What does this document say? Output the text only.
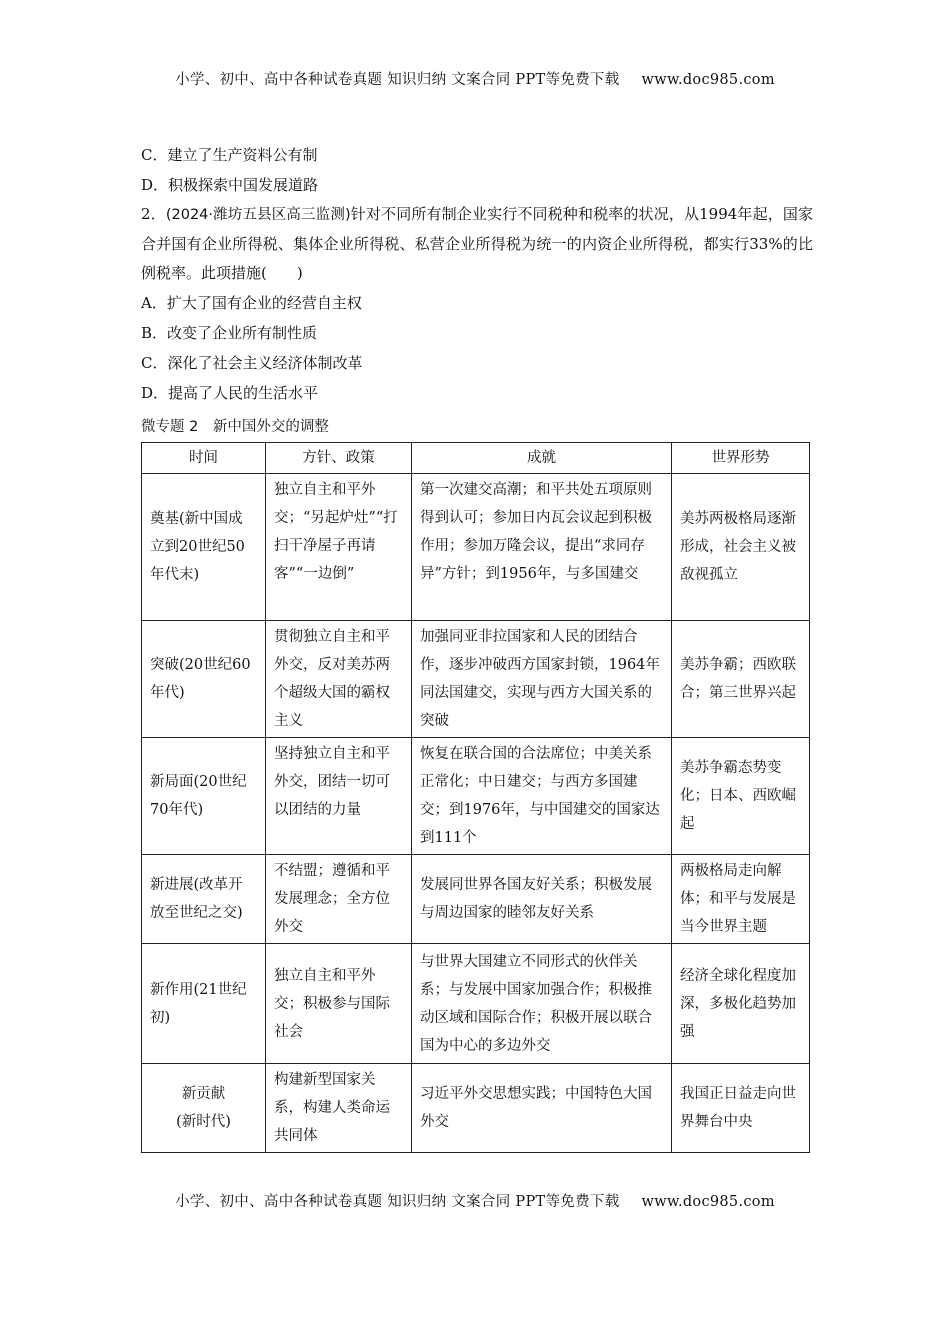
小学、初中、高中各种试卷真题 知识归纳 文案合同 PPT等免费下载 www.doc985.com
C．建立了生产资料公有制
D．积极探索中国发展道路

2．(2024·潍坊五县区高三监测)针对不同所有制企业实行不同税种和税率的状况，从1994年起，国家合并国有企业所得税、集体企业所得税、私营企业所得税为统一的内资企业所得税，都实行33%的比例税率。此项措施(　　)

A．扩大了国有企业的经营自主权
B．改变了企业所有制性质
C．深化了社会主义经济体制改革
D．提高了人民的生活水平
微专题 2　新中国外交的调整
时间	方针、政策	成就	世界形势
奠基(新中国成立到20世纪50年代末)	独立自主和平外交；“另起炉灶”“打扫干净屋子再请客”“一边倒”	第一次建交高潮；和平共处五项原则得到认可；参加日内瓦会议起到积极作用；参加万隆会议，提出“求同存异”方针；到1956年，与多国建交	美苏两极格局逐渐形成，社会主义被敌视孤立
突破(20世纪60年代)	贯彻独立自主和平外交，反对美苏两个超级大国的霸权主义	加强同亚非拉国家和人民的团结合作，逐步冲破西方国家封锁，1964年同法国建交，实现与西方大国关系的突破	美苏争霸；西欧联合；第三世界兴起
新局面(20世纪70年代)	坚持独立自主和平外交，团结一切可以团结的力量	恢复在联合国的合法席位；中美关系正常化；中日建交；与西方多国建交；到1976年，与中国建交的国家达到111个	美苏争霸态势变化；日本、西欧崛起
新进展(改革开放至世纪之交)	不结盟；遵循和平发展理念；全方位外交	发展同世界各国友好关系；积极发展与周边国家的睦邻友好关系	两极格局走向解体；和平与发展是当今世界主题
新作用(21世纪初)	独立自主和平外交；积极参与国际社会	与世界大国建立不同形式的伙伴关系；与发展中国家加强合作；积极推动区域和国际合作；积极开展以联合国为中心的多边外交	经济全球化程度加深，多极化趋势加强
新贡献
(新时代)	构建新型国家关系，构建人类命运共同体	习近平外交思想实践；中国特色大国外交	我国正日益走向世界舞台中央
小学、初中、高中各种试卷真题 知识归纳 文案合同 PPT等免费下载 www.doc985.com
